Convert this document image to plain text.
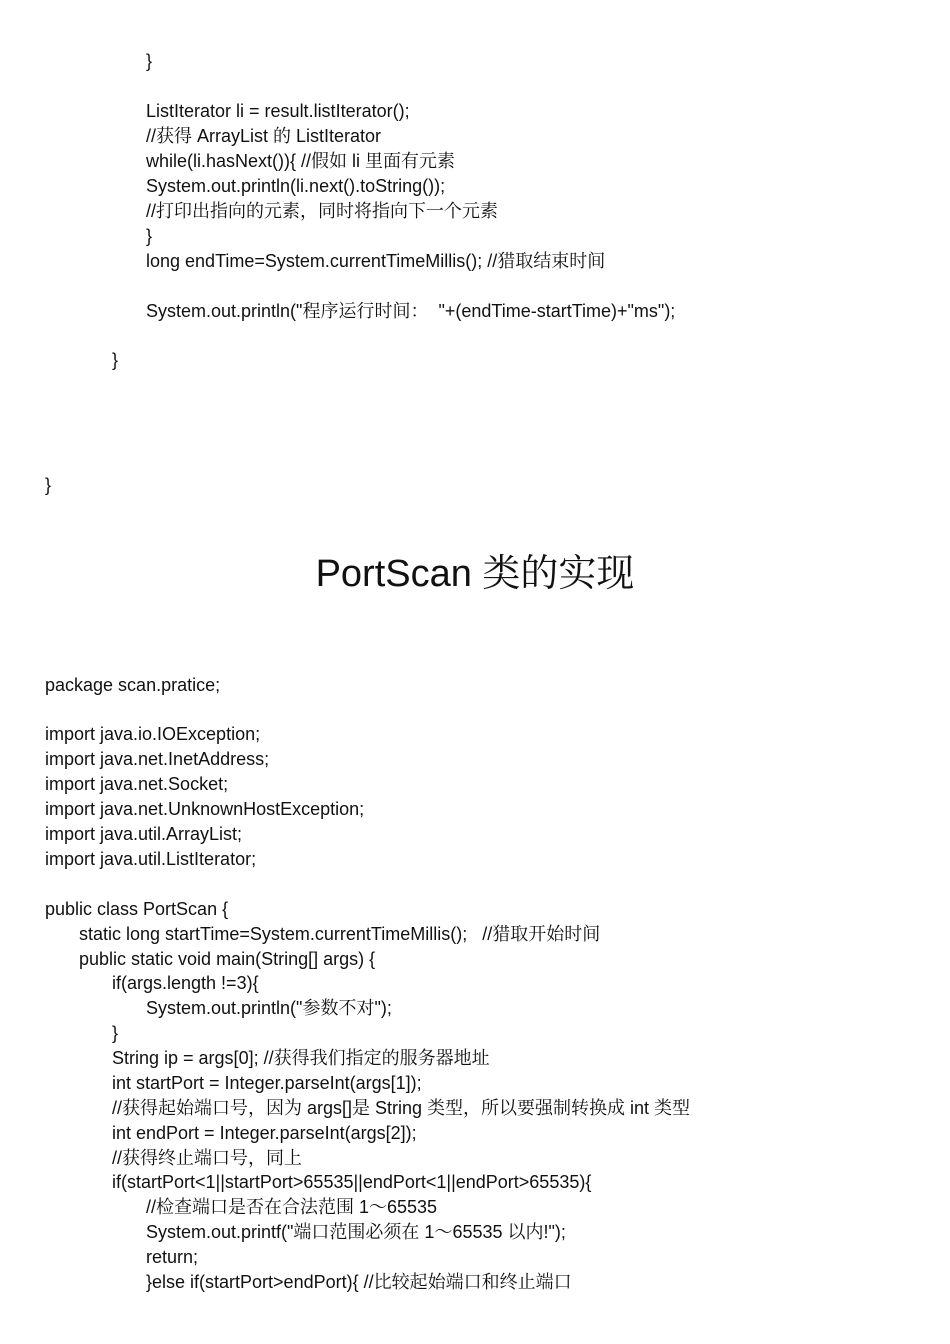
}

ListIterator li = result.listIterator();

//获得 ArrayList 的 ListIterator

while(li.hasNext()){ //假如 li 里面有元素

System.out.println(li.next().toString());

//打印出指向的元素，同时将指向下一个元素

}

long endTime=System.currentTimeMillis(); //猎取结束时间

System.out.println("程序运行时间：  "+(endTime-startTime)+"ms");

}

}

PortScan 类的实现

package scan.pratice;

import java.io.IOException;

import java.net.InetAddress;

import java.net.Socket;

import java.net.UnknownHostException;

import java.util.ArrayList;

import java.util.ListIterator;

public class PortScan {

static long startTime=System.currentTimeMillis();   //猎取开始时间

public static void main(String[] args) {

if(args.length !=3){

System.out.println("参数不对");

}

String ip = args[0]; //获得我们指定的服务器地址

int startPort = Integer.parseInt(args[1]);

//获得起始端口号，因为 args[]是 String 类型，所以要强制转换成 int 类型

int endPort = Integer.parseInt(args[2]);

//获得终止端口号，同上

if(startPort<1||startPort>65535||endPort<1||endPort>65535){

//检查端口是否在合法范围 1～65535

System.out.printf("端口范围必须在 1～65535 以内!");

return;

}else if(startPort>endPort){ //比较起始端口和终止端口
